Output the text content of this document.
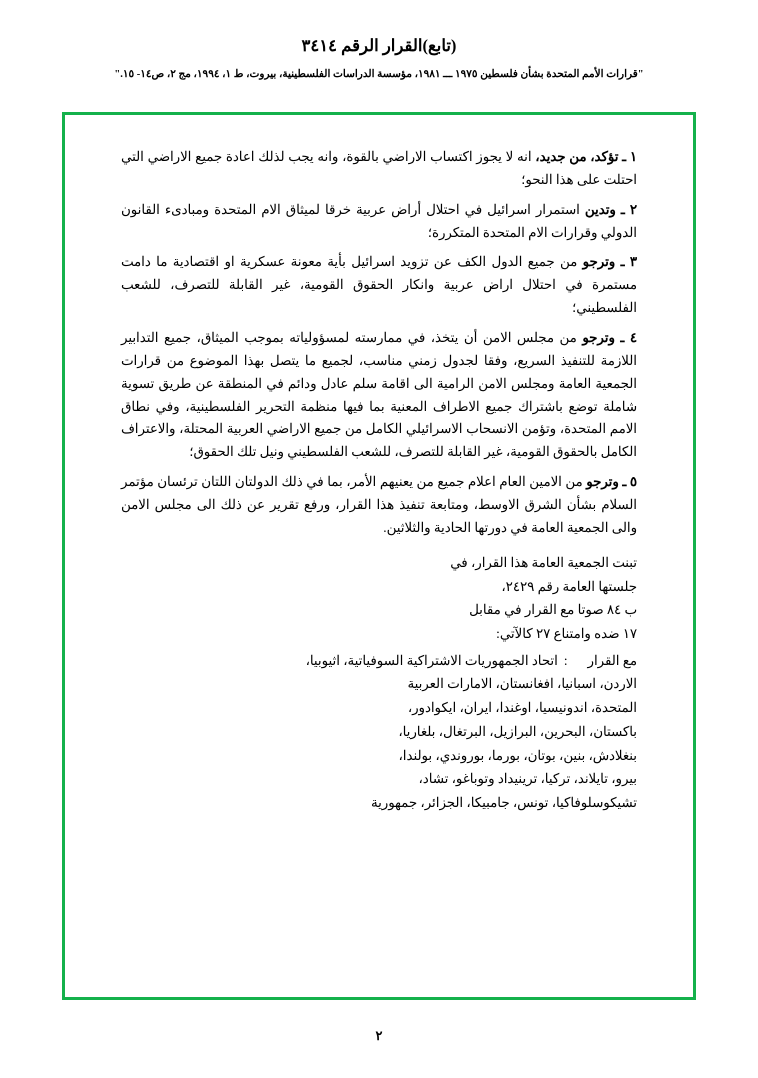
(تابع)القرار الرقم ٣٤١٤
"قرارات الأمم المتحدة بشأن فلسطين ١٩٧٥ ـــ ١٩٨١، مؤسسة الدراسات الفلسطينية، بيروت، ط ١، ١٩٩٤، مج ٢، ص١٤- ١٥."

١ ـ تؤكد، من جديد، انه لا يجوز اكتساب الاراضي بالقوة، وانه يجب لذلك اعادة جميع الاراضي التي احتلت على هذا النحو؛

٢ ـ وتدين استمرار اسرائيل في احتلال أراض عربية خرقا لميثاق الام المتحدة ومبادىء القانون الدولي وقرارات الام المتحدة المتكررة؛

٣ ـ وترجو من جميع الدول الكف عن تزويد اسرائيل بأية معونة عسكرية او اقتصادية ما دامت مستمرة في احتلال اراض عربية وانكار الحقوق القومية، غير القابلة للتصرف، للشعب الفلسطيني؛

٤ ـ وترجو من مجلس الامن أن يتخذ، في ممارسته لمسؤولياته بموجب الميثاق، جميع التدابير اللازمة للتنفيذ السريع، وفقا لجدول زمني مناسب، لجميع ما يتصل بهذا الموضوع من قرارات الجمعية العامة ومجلس الامن الرامية الى اقامة سلم عادل ودائم في المنطقة عن طريق تسوية شاملة توضع باشتراك جميع الاطراف المعنية بما فيها منظمة التحرير الفلسطينية، وفي نطاق الامم المتحدة، وتؤمن الانسحاب الاسرائيلي الكامل من جميع الاراضي العربية المحتلة، والاعتراف الكامل بالحقوق القومية، غير القابلة للتصرف، للشعب الفلسطيني ونيل تلك الحقوق؛

٥ ـ وترجو من الامين العام اعلام جميع من يعنيهم الأمر، بما في ذلك الدولتان اللتان ترئسان مؤتمر السلام بشأن الشرق الاوسط، ومتابعة تنفيذ هذا القرار، ورفع تقرير عن ذلك الى مجلس الامن والى الجمعية العامة في دورتها الحادية والثلاثين.

تبنت الجمعية العامة هذا القرار، في

جلستها العامة رقم ٢٤٢٩،

ب ٨٤ صوتا مع القرار في مقابل

١٧ ضده وامتناع ٢٧ كالآتي:

مع القرار
:
اتحاد الجمهوريات الاشتراكية السوفياتية، اثيوبيا،

الاردن، اسبانيا، افغانستان، الامارات العربية

المتحدة، اندونيسيا، اوغندا، ايران، ايكوادور،

باكستان، البحرين، البرازيل، البرتغال، بلغاريا،

بنغلادش، بنين، بوتان، بورما، بوروندي، بولندا،

بيرو، تايلاند، تركيا، ترينيداد وتوباغو، تشاد،

تشيكوسلوفاكيا، تونس، جامبيكا، الجزائر، جمهورية

٢
